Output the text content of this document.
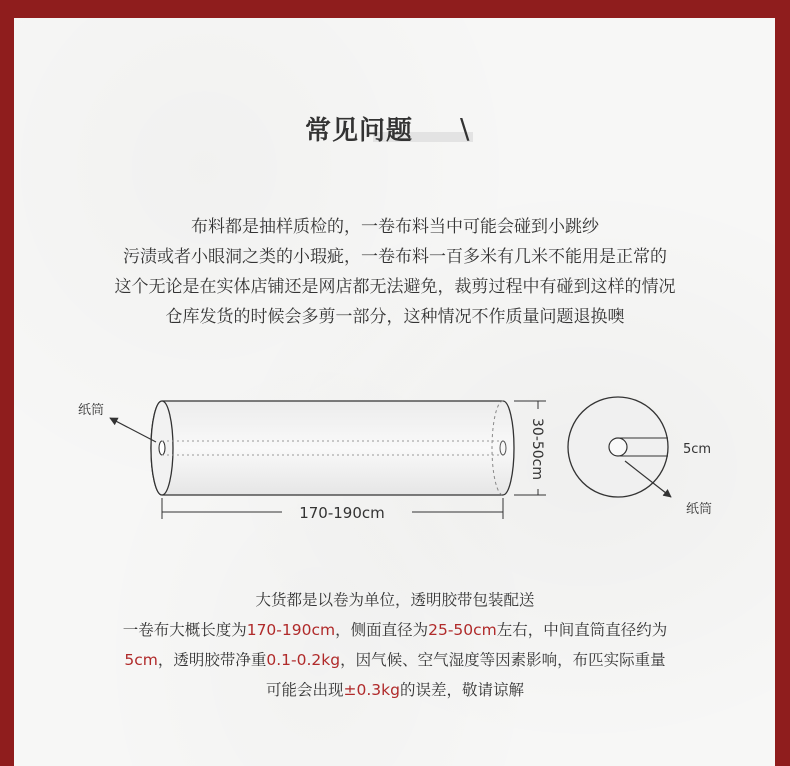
常见问题 \
布料都是抽样质检的，一卷布料当中可能会碰到小跳纱
污渍或者小眼洞之类的小瑕疵，一卷布料一百多米有几米不能用是正常的
这个无论是在实体店铺还是网店都无法避免，裁剪过程中有碰到这样的情况
仓库发货的时候会多剪一部分，这种情况不作质量问题退换噢
纸筒
170-190cm
30-50cm	5cm
纸筒
大货都是以卷为单位，透明胶带包装配送
一卷布大概长度为170-190cm，侧面直径为25-50cm左右，中间直筒直径约为
5cm，透明胶带净重0.1-0.2kg，因气候、空气湿度等因素影响，布匹实际重量
可能会出现±0.3kg的误差，敬请谅解
